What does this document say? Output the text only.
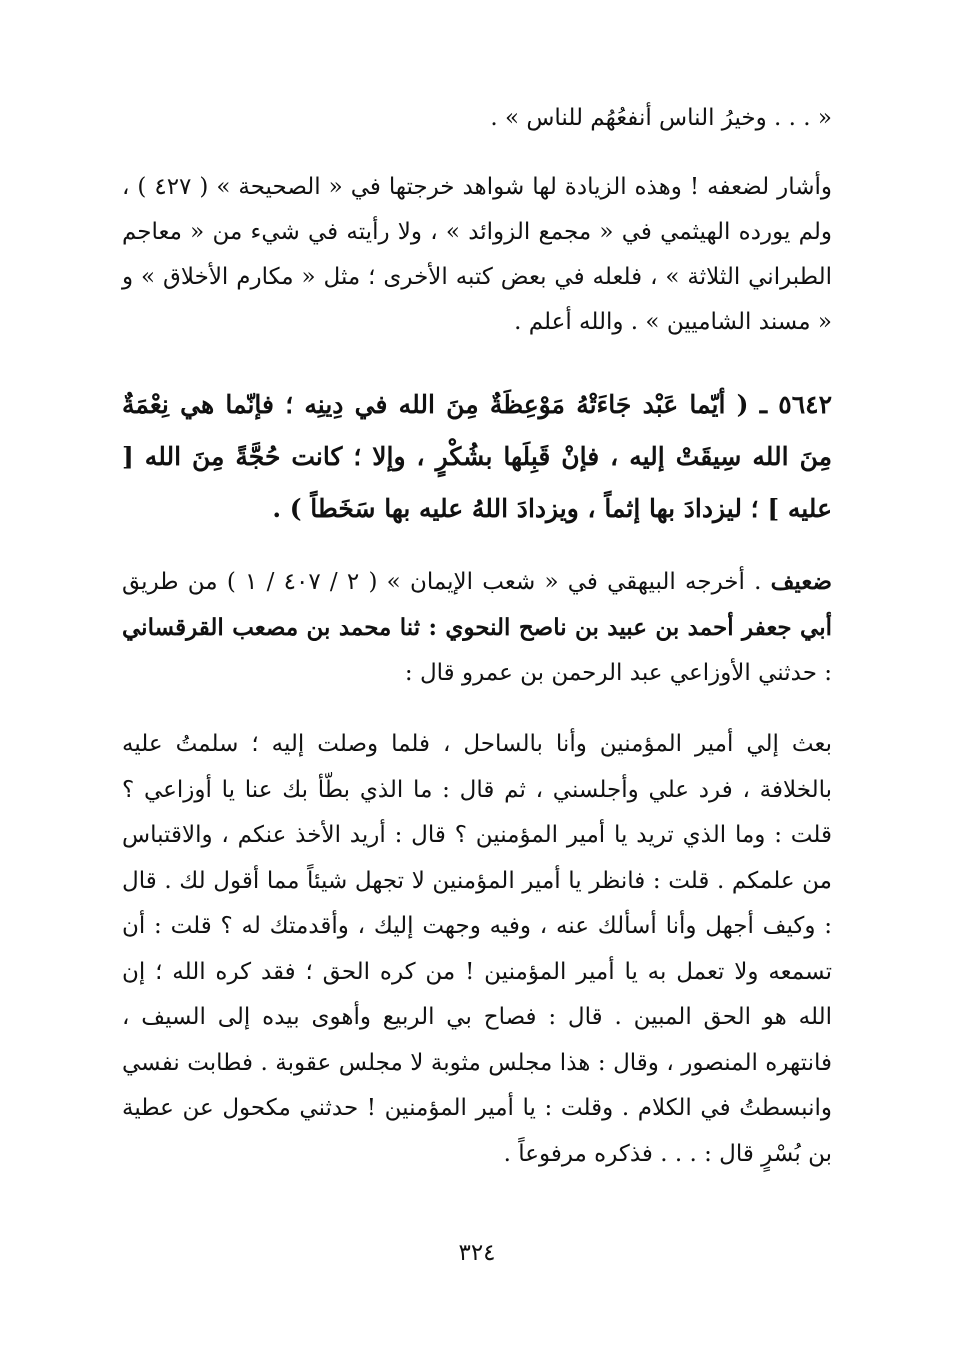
« . . . وخيرُ الناس أنفعُهُم للناس » .

وأشار لضعفه ! وهذه الزيادة لها شواهد خرجتها في « الصحيحة » ( ٤٢٧ ) ، ولم يورده الهيثمي في « مجمع الزوائد » ، ولا رأيته في شيء من « معاجم الطبراني الثلاثة » ، فلعله في بعض كتبه الأخرى ؛ مثل « مكارم الأخلاق » و « مسند الشاميين » . والله أعلم .

٥٦٤٢ ـ ( أيّما عَبْد جَاءَتْهُ مَوْعِظَةٌ مِنَ الله في دِينِه ؛ فإنّما هي نِعْمَةٌ مِنَ الله سِيقَتْ إليه ، فإنْ قَبِلَها بشُكْرٍ ، وإلا ؛ كانت حُجَّةً مِنَ الله [ عليه ] ؛ ليزدادَ بها إثماً ، ويزدادَ اللهُ عليه بها سَخَطاً ) .

ضعيف . أخرجه البيهقي في « شعب الإيمان » ( ٢ / ٤٠٧ / ١ ) من طريق أبي جعفر أحمد بن عبيد بن ناصح النحوي : ثنا محمد بن مصعب القرقساني : حدثني الأوزاعي عبد الرحمن بن عمرو قال :

بعث إلي أمير المؤمنين وأنا بالساحل ، فلما وصلت إليه ؛ سلمتُ عليه بالخلافة ، فرد علي وأجلسني ، ثم قال : ما الذي بطّأ بك عنا يا أوزاعي ؟ قلت : وما الذي تريد يا أمير المؤمنين ؟ قال : أريد الأخذ عنكم ، والاقتباس من علمكم . قلت : فانظر يا أمير المؤمنين لا تجهل شيئاً مما أقول لك . قال : وكيف أجهل وأنا أسألك عنه ، وفيه وجهت إليك ، وأقدمتك له ؟ قلت : أن تسمعه ولا تعمل به يا أمير المؤمنين ! من كره الحق ؛ فقد كره الله ؛ إن الله هو الحق المبين . قال : فصاح بي الربيع وأهوى بيده إلى السيف ، فانتهره المنصور ، وقال : هذا مجلس مثوبة لا مجلس عقوبة . فطابت نفسي وانبسطتُ في الكلام . وقلت : يا أمير المؤمنين ! حدثني مكحول عن عطية بن بُسْرٍ قال : . . . فذكره مرفوعاً .

٣٢٤
